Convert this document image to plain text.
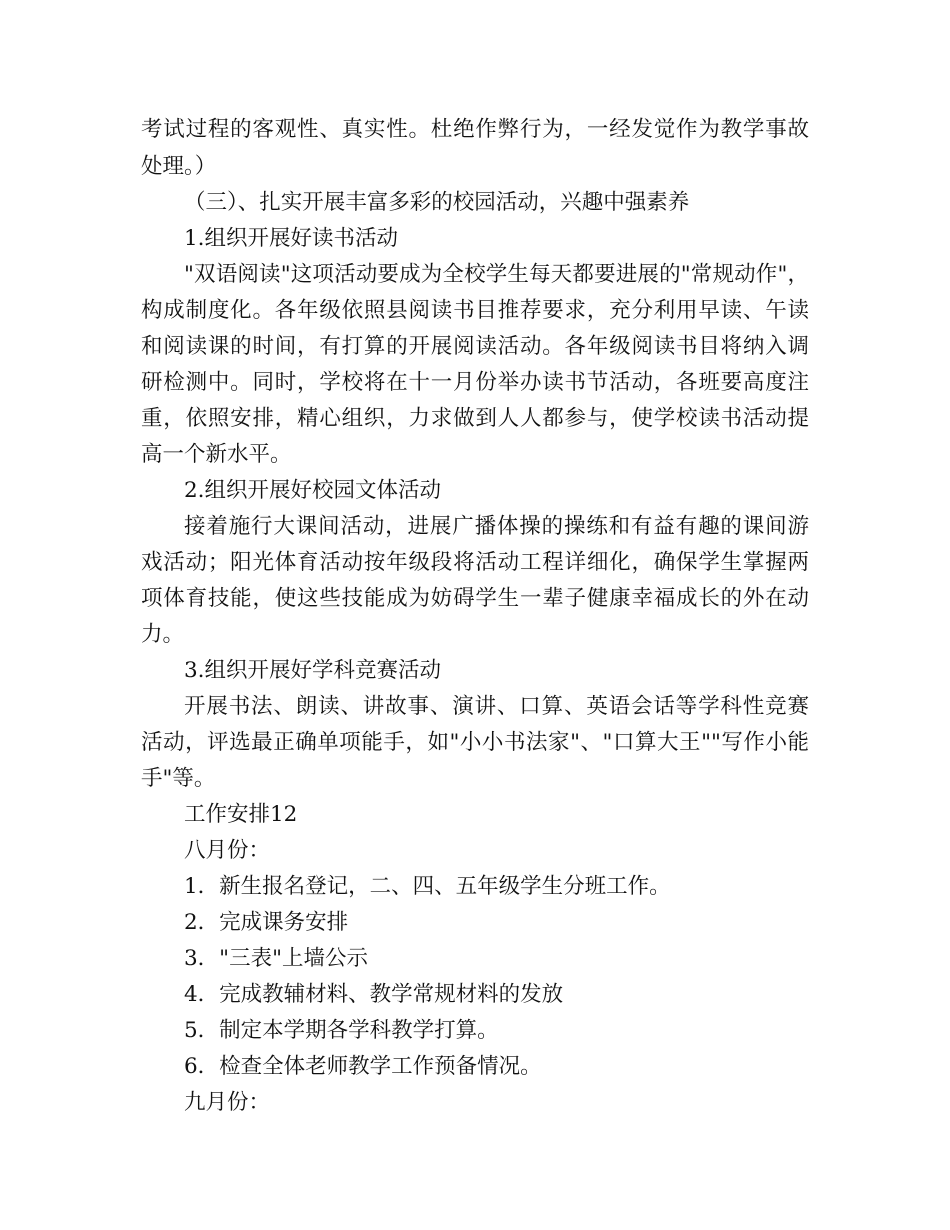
考试过程的客观性、真实性。杜绝作弊行为，一经发觉作为教学事故
处理。）
（三）、扎实开展丰富多彩的校园活动，兴趣中强素养
1.组织开展好读书活动
"双语阅读"这项活动要成为全校学生每天都要进展的"常规动作"，
构成制度化。各年级依照县阅读书目推荐要求，充分利用早读、午读
和阅读课的时间，有打算的开展阅读活动。各年级阅读书目将纳入调
研检测中。同时，学校将在十一月份举办读书节活动，各班要高度注
重，依照安排，精心组织，力求做到人人都参与，使学校读书活动提
高一个新水平。
2.组织开展好校园文体活动
接着施行大课间活动，进展广播体操的操练和有益有趣的课间游
戏活动；阳光体育活动按年级段将活动工程详细化，确保学生掌握两
项体育技能，使这些技能成为妨碍学生一辈子健康幸福成长的外在动
力。
3.组织开展好学科竞赛活动
开展书法、朗读、讲故事、演讲、口算、英语会话等学科性竞赛
活动，评选最正确单项能手，如"小小书法家"、"口算大王""写作小能
手"等。
工作安排12
八月份：
1．新生报名登记，二、四、五年级学生分班工作。
2．完成课务安排
3．"三表"上墙公示
4．完成教辅材料、教学常规材料的发放
5．制定本学期各学科教学打算。
6．检查全体老师教学工作预备情况。
九月份：
